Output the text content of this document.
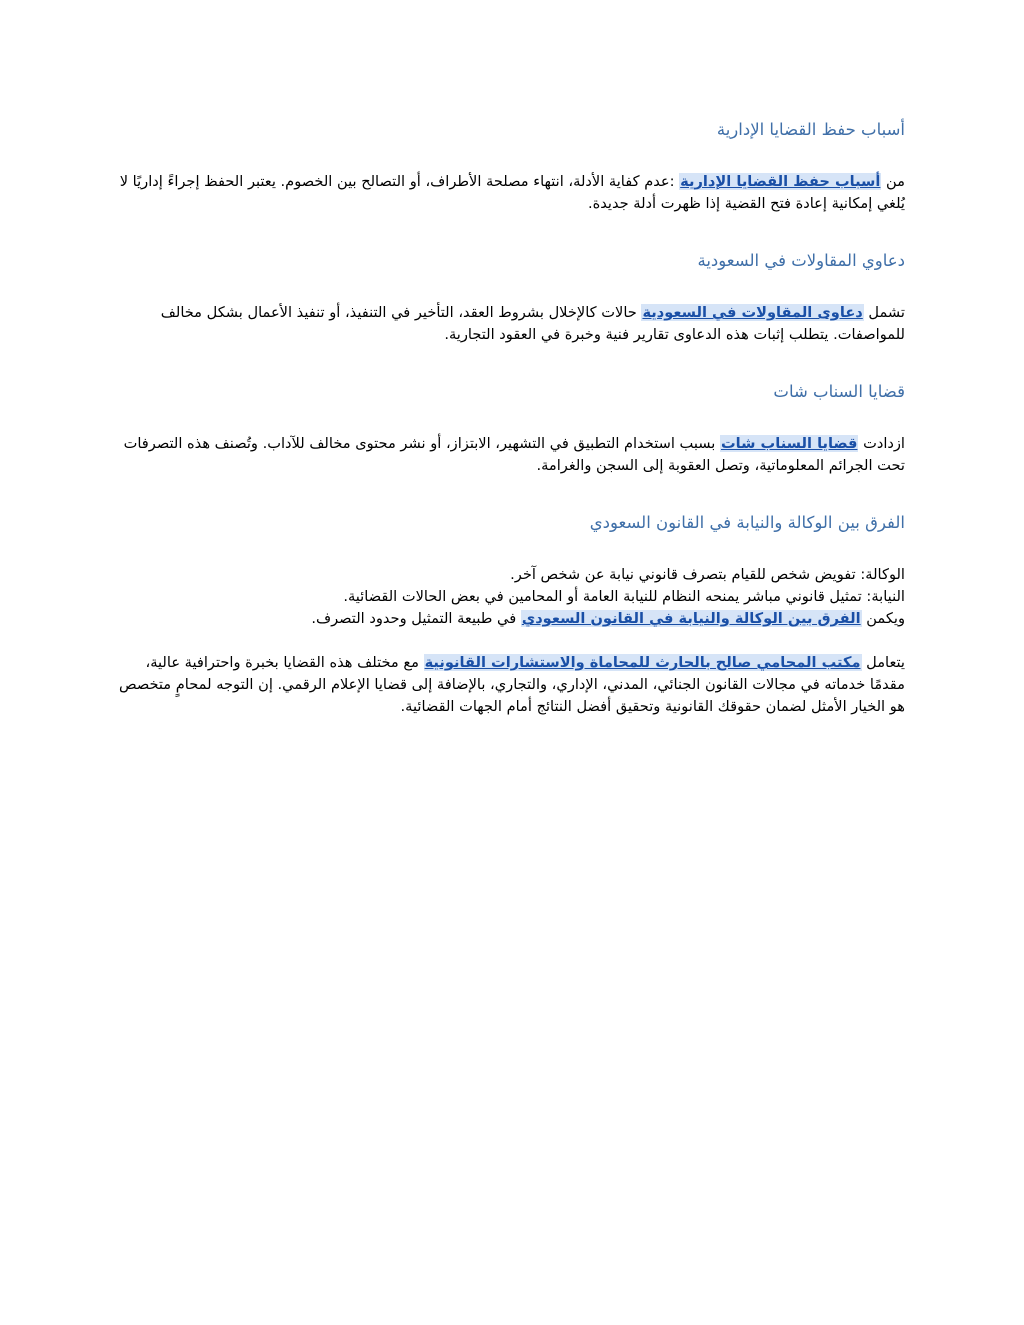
أسباب حفظ القضايا الإدارية

من أسباب حفظ القضايا الإدارية :عدم كفاية الأدلة، انتهاء مصلحة الأطراف، أو التصالح بين الخصوم. يعتبر الحفظ إجراءً إداريًا لا يُلغي إمكانية إعادة فتح القضية إذا ظهرت أدلة جديدة.

دعاوي المقاولات في السعودية

تشمل دعاوى المقاولات في السعودية حالات كالإخلال بشروط العقد، التأخير في التنفيذ، أو تنفيذ الأعمال بشكل مخالف للمواصفات. يتطلب إثبات هذه الدعاوى تقارير فنية وخبرة في العقود التجارية.

قضايا السناب شات

ازدادت قضايا السناب شات بسبب استخدام التطبيق في التشهير، الابتزاز، أو نشر محتوى مخالف للآداب. وتُصنف هذه التصرفات تحت الجرائم المعلوماتية، وتصل العقوبة إلى السجن والغرامة.

الفرق بين الوكالة والنيابة في القانون السعودي

الوكالة: تفويض شخص للقيام بتصرف قانوني نيابة عن شخص آخر.
النيابة: تمثيل قانوني مباشر يمنحه النظام للنيابة العامة أو المحامين في بعض الحالات القضائية.
ويكمن الفرق بين الوكالة والنيابة في القانون السعودي في طبيعة التمثيل وحدود التصرف.

يتعامل مكتب المحامي صالح بالحارث للمحاماة والاستشارات القانونية مع مختلف هذه القضايا بخبرة واحترافية عالية، مقدمًا خدماته في مجالات القانون الجنائي، المدني، الإداري، والتجاري، بالإضافة إلى قضايا الإعلام الرقمي. إن التوجه لمحامٍ متخصص هو الخيار الأمثل لضمان حقوقك القانونية وتحقيق أفضل النتائج أمام الجهات القضائية.
